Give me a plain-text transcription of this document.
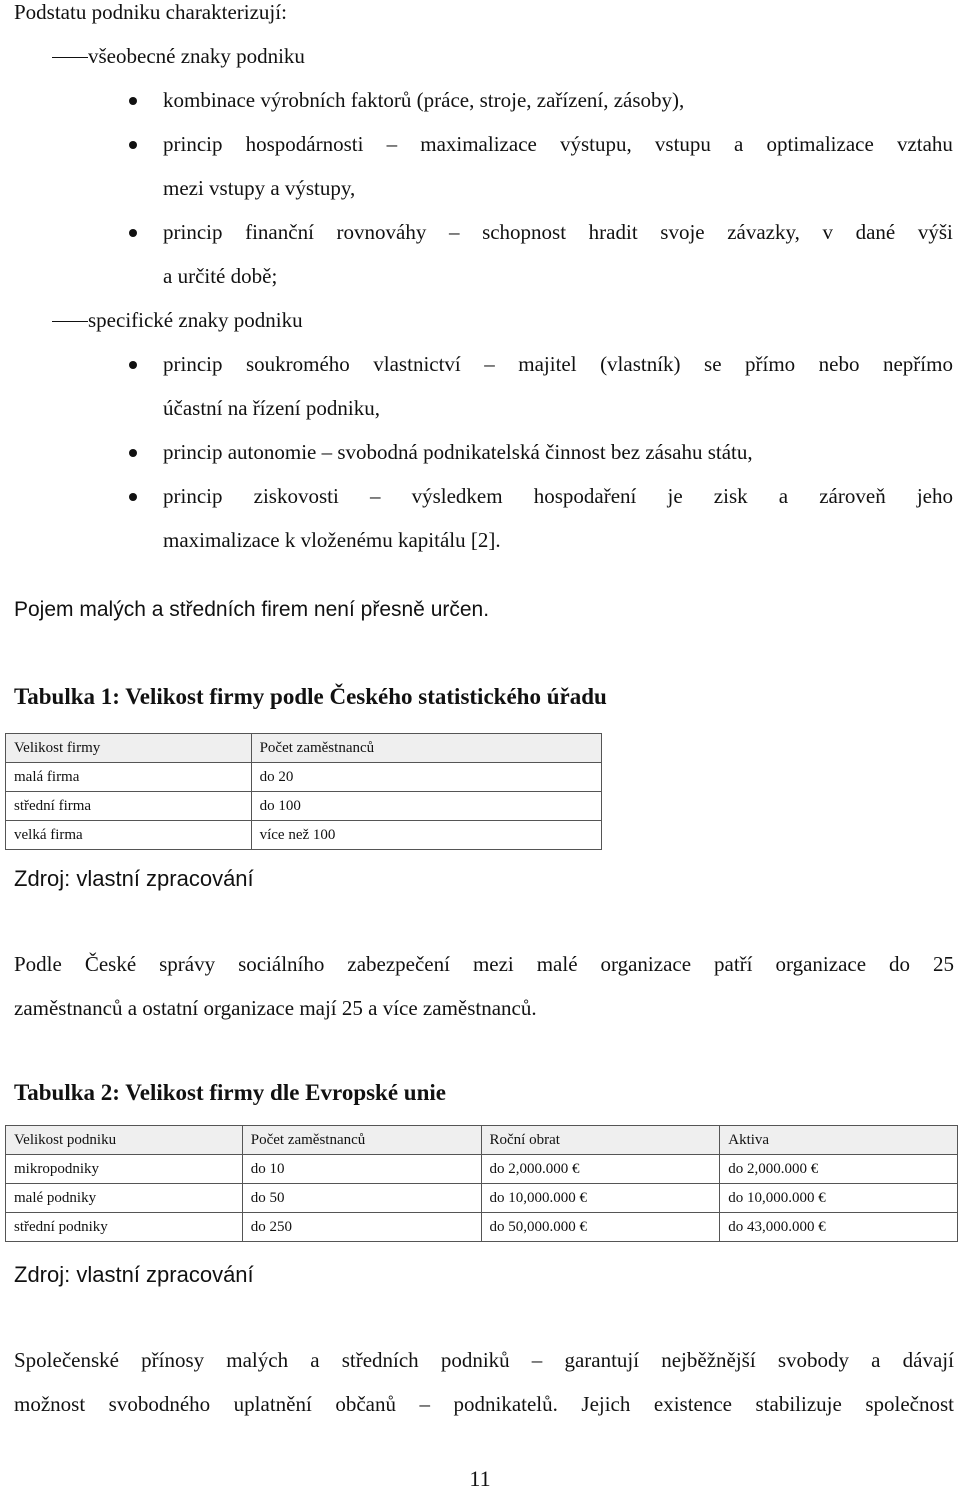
Podstatu podniku charakterizují:
všeobecné znaky podniku
kombinace výrobních faktorů (práce, stroje, zařízení, zásoby),
princip hospodárnosti – maximalizace výstupu, vstupu a optimalizace vztahu
mezi vstupy a výstupy,
princip finanční rovnováhy – schopnost hradit svoje závazky, v dané výši
a určité době;
specifické znaky podniku
princip soukromého vlastnictví – majitel (vlastník) se přímo nebo nepřímo
účastní na řízení podniku,
princip autonomie – svobodná podnikatelská činnost bez zásahu státu,
princip ziskovosti – výsledkem hospodaření je zisk a zároveň jeho
maximalizace k vloženému kapitálu [2].
Pojem malých a středních firem není přesně určen.
Tabulka 1: Velikost firmy podle Českého statistického úřadu
Velikost firmy	Počet zaměstnanců
malá firma	do 20
střední firma	do 100
velká firma	více než 100
Zdroj: vlastní zpracování
Podle České správy sociálního zabezpečení mezi malé organizace patří organizace do 25
zaměstnanců a ostatní organizace mají 25 a více zaměstnanců.
Tabulka 2: Velikost firmy dle Evropské unie
Velikost podniku	Počet zaměstnanců	Roční obrat	Aktiva
mikropodniky	do 10	do 2,000.000 €	do 2,000.000 €
malé podniky	do 50	do 10,000.000 €	do 10,000.000 €
střední podniky	do 250	do 50,000.000 €	do 43,000.000 €
Zdroj: vlastní zpracování
Společenské přínosy malých a středních podniků – garantují nejběžnější svobody a dávají
možnost svobodného uplatnění občanů – podnikatelů. Jejich existence stabilizuje společnost
11
